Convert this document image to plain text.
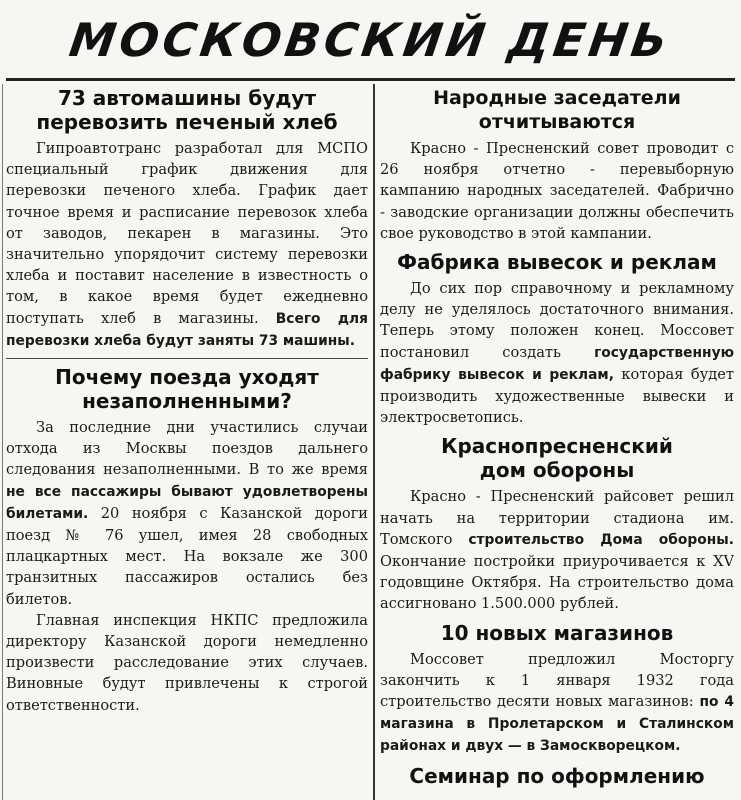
МОСКОВСКИЙ ДЕНЬ
73 автомашины будут перевозить печеный хлеб

Гипроавтотранс разработал для МСПО специальный график движения для перевозки печеного хлеба. График дает точное время и расписание перевозок хлеба от заводов, пекарен в магазины. Это значительно упорядочит систему перевозки хлеба и поставит население в известность о том, в какое время будет ежедневно поступать хлеб в магазины. Всего для перевозки хлеба будут заняты 73 машины.

Почему поезда уходят незаполненными?

За последние дни участились случаи отхода из Москвы поездов дальнего следования незаполненными. В то же время не все пассажиры бывают удовлетворены билетами. 20 ноября с Казанской дороги поезд № 76 ушел, имея 28 свободных плацкартных мест. На вокзале же 300 транзитных пассажиров остались без билетов.

Главная инспекция НКПС предложила директору Казанской дороги немедленно произвести расследование этих случаев. Виновные будут привлечены к строгой ответственности.

Народные заседатели отчитываются

Красно - Пресненский совет проводит с 26 ноября отчетно - перевыборную кампанию народных заседателей. Фабрично - заводские организации должны обеспечить свое руководство в этой кампании.

Фабрика вывесок и реклам

До сих пор справочному и рекламному делу не уделялось достаточного внимания. Теперь этому положен конец. Моссовет постановил создать государственную фабрику вывесок и реклам, которая будет производить художественные вывески и электросветопись.

Краснопресненский дом обороны

Красно - Пресненский райсовет решил начать на территории стадиона им. Томского строительство Дома обороны. Окончание постройки приурочивается к XV годовщине Октября. На строительство дома ассигновано 1.500.000 рублей.

10 новых магазинов

Моссовет предложил Мосторгу закончить к 1 января 1932 года строительство десяти новых магазинов: по 4 магазина в Пролетарском и Сталинском районах и двух — в Замоскворецком.

Семинар по оформлению
